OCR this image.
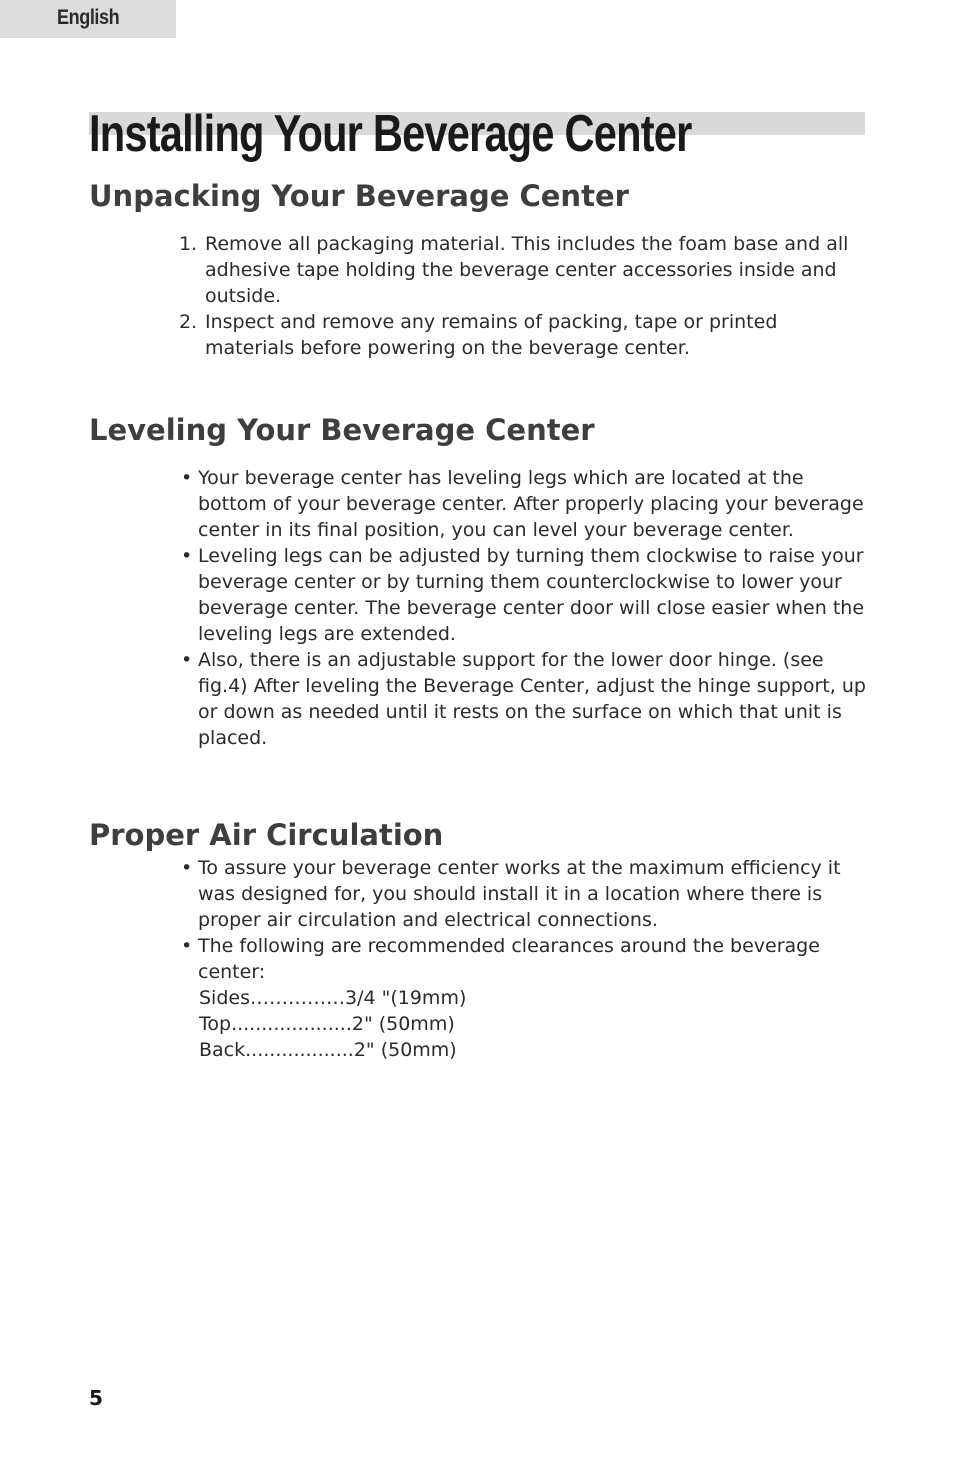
English
Installing Your Beverage Center
Unpacking Your Beverage Center
1. Remove all packaging material. This includes the foam base and all adhesive tape holding the beverage center accessories inside and outside.
2. Inspect and remove any remains of packing, tape or printed materials before powering on the beverage center.
Leveling Your Beverage Center
• Your beverage center has leveling legs which are located at the bottom of your beverage center. After properly placing your beverage center in its final position, you can level your beverage center.
• Leveling legs can be adjusted by turning them clockwise to raise your beverage center or by turning them counterclockwise to lower your beverage center. The beverage center door will close easier when the leveling legs are extended.
• Also, there is an adjustable support for the lower door hinge. (see fig.4) After leveling the Beverage Center, adjust the hinge support, up or down as needed until it rests on the surface on which that unit is placed.
Proper Air Circulation
• To assure your beverage center works at the maximum efficiency it was designed for, you should install it in a location where there is proper air circulation and electrical connections.
• The following are recommended clearances around the beverage center:
Sides……………3/4 "(19mm)
Top....................2" (50mm)
Back..................2" (50mm)
5
